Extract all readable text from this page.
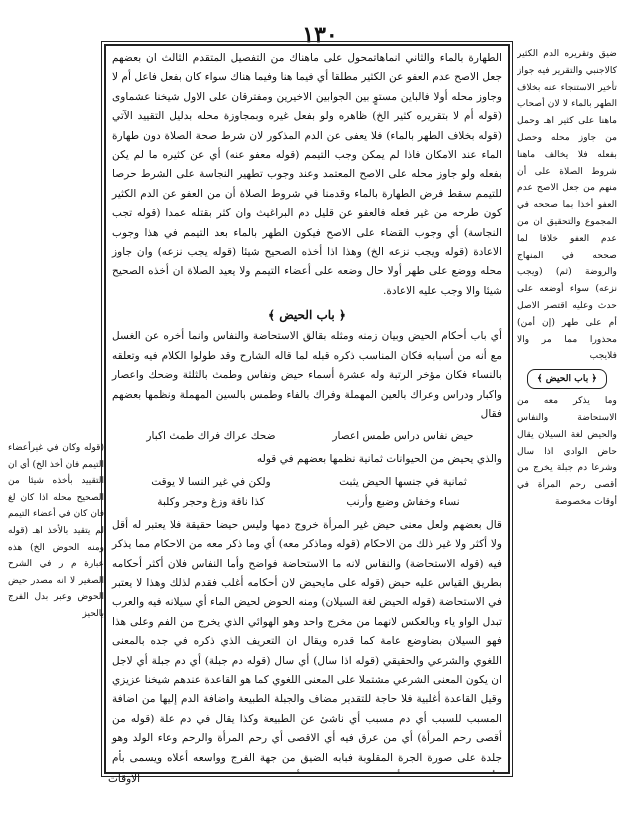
١٣٠

الطهارة بالماء والثاني انماهاتمحول على ماهناك من التفصيل المتقدم الثالث ان بعضهم جعل الاصح عدم العفو عن الكثير مطلقا أي فيما هنا وفيما هناك سواء كان بفعل فاعل أم لا وجاوز محله أولا فالباين مستوٍ بين الجوابين الاخيرين ومفترقان على الاول شيخنا عشماوى (قوله أم لا بتقريره كثير الخ) ظاهره ولو بفعل غيره وبمجاوزة محله بدليل التقييد الآتي (قوله بخلاف الطهر بالماء) فلا يعفى عن الدم المذكور لان شرط صحة الصلاة دون طهارة الماء عند الامكان فاذا لم يمكن وجب التيمم (قوله معفو عنه) أي عن كثيره ما لم يكن بفعله ولو جاوز محله على الاصح المعتمد وعند وجوب تطهير النجاسة على الشرط حرصا للتيمم سقط فرض الطهارة بالماء وقدمنا في شروط الصلاة أن من العفو عن الدم الكثير كون طرحه من غير فعله فالعفو عن قليل دم البراغيث وان كثر بقتله عمدا (قوله تجب النجاسة) أي وجوب القضاء على الاصح فيكون الطهر بالماء بعد التيمم في هذا وجوب الاعادة (قوله ويجب نزعه الخ) وهذا اذا أخذه الصحيح شيئا (قوله يجب نزعه) وان جاوز محله ووضع على طهر أولا حال وضعه على أعضاء التيمم ولا يعيد الصلاة ان أخذه الصحيح شيئا والا وجب عليه الاعادة.

﴿ باب الحيض ﴾

أي باب أحكام الحيض وبيان زمنه ومثله بقالق الاستحاضة والنفاس وانما أخره عن الغسل مع أنه من أسبابه فكان المناسب ذكره قبله لما قاله الشارح وقد طولوا الكلام فيه وتعلقه بالنساء فكان مؤخر الرتبة وله عشرة أسماء حيض ونفاس وطمث بالثلثة وضحك واعصار واكبار ودراس وعراك بالعين المهملة وفراك بالفاء وطمس بالسين المهملة ونظمها بعضهم فقال

حيض نفاس دراس طمس اعصار
ضحك عراك فراك طمث اكبار

والذي يحيض من الحيوانات ثمانية نظمها بعضهم في قوله

ثمانية في جنسها الحيض يثبت
ولكن في غير النسا لا يوقت
نساء وخفاش وضبع وأرنب
كذا ناقة وزغ وحجر وكلبة

قال بعضهم ولعل معنى حيض غير المرأة خروج دمها وليس حيضا حقيقة فلا يعتبر له أقل ولا أكثر ولا غير ذلك من الاحكام (قوله وماذكر معه) أي وما ذكر معه من الاحكام مما يذكر فيه (قوله الاستحاضة) والنفاس لانه ما الاستحاضة فواضح وأما النفاس فلان أكثر أحكامه بطريق القياس عليه حيض (قوله على مايحيض لان أحكامه أغلب فقدم لذلك وهذا لا يعتبر في الاستحاضة (قوله الحيض لغة السيلان) ومنه الحوض لحيض الماء أي سيلانه فيه والعرب تبدل الواو ياء وبالعكس لانهما من مخرج واحد وهو الهوائي الذي يخرج من الفم وعلى هذا فهو السيلان بضاوضع عامة كما قدره ويقال ان التعريف الذي ذكره في جده بالمعنى اللغوي والشرعي والحقيقي (قوله اذا سال) أي سال (قوله دم جبلة) أي دم جبلة أي لاجل ان يكون المعنى الشرعي مشتملا على المعنى اللغوي كما هو القاعدة عندهم شيخنا عزيزي وقيل القاعدة أغلبية فلا حاجة للتقدير مضاف والجبلة الطبيعة واضافة الدم إليها من اضافة المسبب للسبب أي دم مسبب أي ناشئ عن الطبيعة وكذا يقال في دم علة (قوله من أقصى رحم المرأة) أي من عرق فيه أي الاقصى أي رحم المرأة والرحم وعاء الولد وهو جلدة على صورة الجرة المقلوبة فبابه الضيق من جهة الفرج وواسعه أعلاه ويسمى بأم

ضيق وتقريره الدم الكثير كالاجنبي والتقرير فيه جواز تأخير الاستنجاء عنه بخلاف الطهر بالماء لا لان أصحاب ماهنا على كثير اهـ وحمل من جاوز محله وحصل بفعله فلا يخالف ماهنا شروط الصلاة على أن منهم من جعل الاصح عدم العفو أخذا بما صححه في المجموع والتحقيق ان من عدم العفو خلافا لما صححه في المنهاج والروضة (ثم) (ويجب نزعه) سواء أوضعه على حدث وعليه اقتصر الاصل أم على طهر (إن أمن) محذورا مما مر والا فلايجب

﴿ باب الحيض ﴾

وما يذكر معه من الاستحاضة والنفاس والحيض لغة السيلان يقال حاض الوادي اذا سال وشرعا دم جبلة يخرج من أقصى رحم المرأة في أوقات مخصوصة

(قوله وكان في غيرأعضاء التيمم فان أخذ الخ) أي ان التقييد بأخذه شيئا من الصحيح محله اذا كان لغ فان كان في أعضاء التيمم لم يتقيد بالأخذ اهـ (قوله ومنه الحوض الخ) هذه عبارة م ر في الشرح الصغير لا انه مصدر حيض الحوض وعبر بدل الفرج بالحيز

الاوقات
